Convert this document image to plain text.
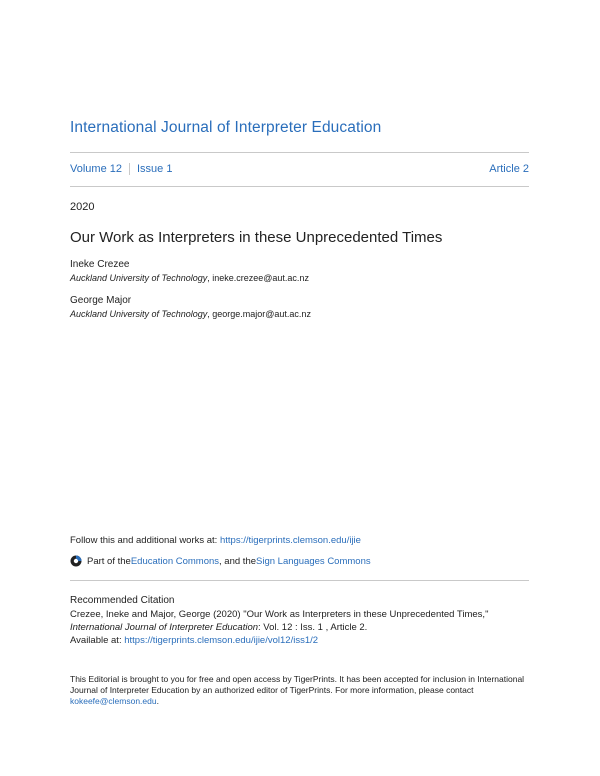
International Journal of Interpreter Education
Volume 12 Issue 1	Article 2
2020
Our Work as Interpreters in these Unprecedented Times
Ineke Crezee
Auckland University of Technology, ineke.crezee@aut.ac.nz
George Major
Auckland University of Technology, george.major@aut.ac.nz
Follow this and additional works at: https://tigerprints.clemson.edu/ijie
Part of the Education Commons , and the Sign Languages Commons
Recommended Citation
Crezee, Ineke and Major, George (2020) "Our Work as Interpreters in these Unprecedented Times,"
International Journal of Interpreter Education: Vol. 12 : Iss. 1 , Article 2.
Available at: https://tigerprints.clemson.edu/ijie/vol12/iss1/2
This Editorial is brought to you for free and open access by TigerPrints. It has been accepted for inclusion in International Journal of Interpreter Education by an authorized editor of TigerPrints. For more information, please contact kokeefe@clemson.edu.
